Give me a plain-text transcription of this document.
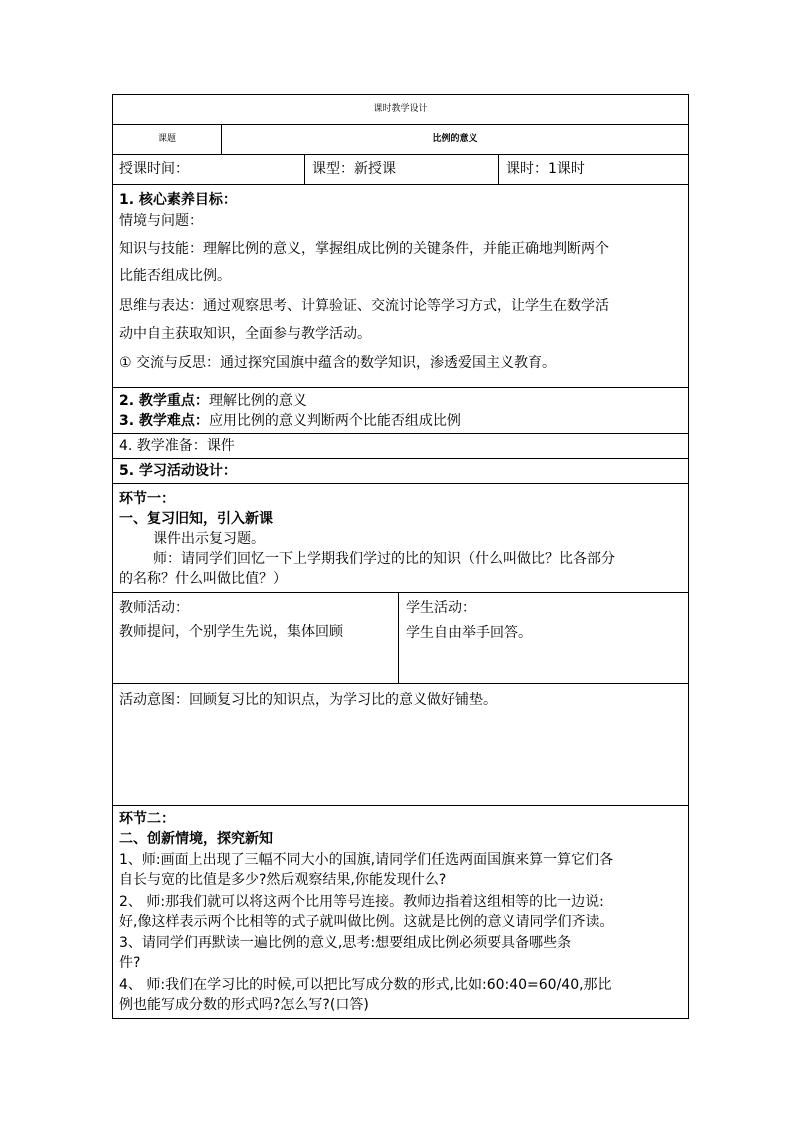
课时教学设计
课题	比例的意义
授课时间：	课型：新授课	课时：1课时
1. 核心素养目标：
情境与问题：
知识与技能：理解比例的意义，掌握组成比例的关键条件，并能正确地判断两个
比能否组成比例。
思维与表达：通过观察思考、计算验证、交流讨论等学习方式，让学生在数学活
动中自主获取知识，全面参与教学活动。
① 交流与反思：通过探究国旗中蕴含的数学知识，渗透爱国主义教育。
2. 教学重点：理解比例的意义
3. 教学难点：应用比例的意义判断两个比能否组成比例
4. 教学准备：课件
5. 学习活动设计：
环节一：
一、复习旧知，引入新课
课件出示复习题。
师：请同学们回忆一下上学期我们学过的比的知识（什么叫做比？比各部分
的名称？什么叫做比值？）
教师活动：
教师提问，个别学生先说，集体回顾
学生活动：
学生自由举手回答。
活动意图：回顾复习比的知识点，为学习比的意义做好铺垫。
环节二：
二、创新情境，探究新知
1、师:画面上出现了三幅不同大小的国旗,请同学们任选两面国旗来算一算它们各
自长与宽的比值是多少?然后观察结果,你能发现什么?
2、 师:那我们就可以将这两个比用等号连接。教师边指着这组相等的比一边说:
好,像这样表示两个比相等的式子就叫做比例。这就是比例的意义请同学们齐读。
3、请同学们再默读一遍比例的意义,思考:想要组成比例必须要具备哪些条
件?
4、 师:我们在学习比的时候,可以把比写成分数的形式,比如:60:40=60/40,那比
例也能写成分数的形式吗?怎么写?(口答)
